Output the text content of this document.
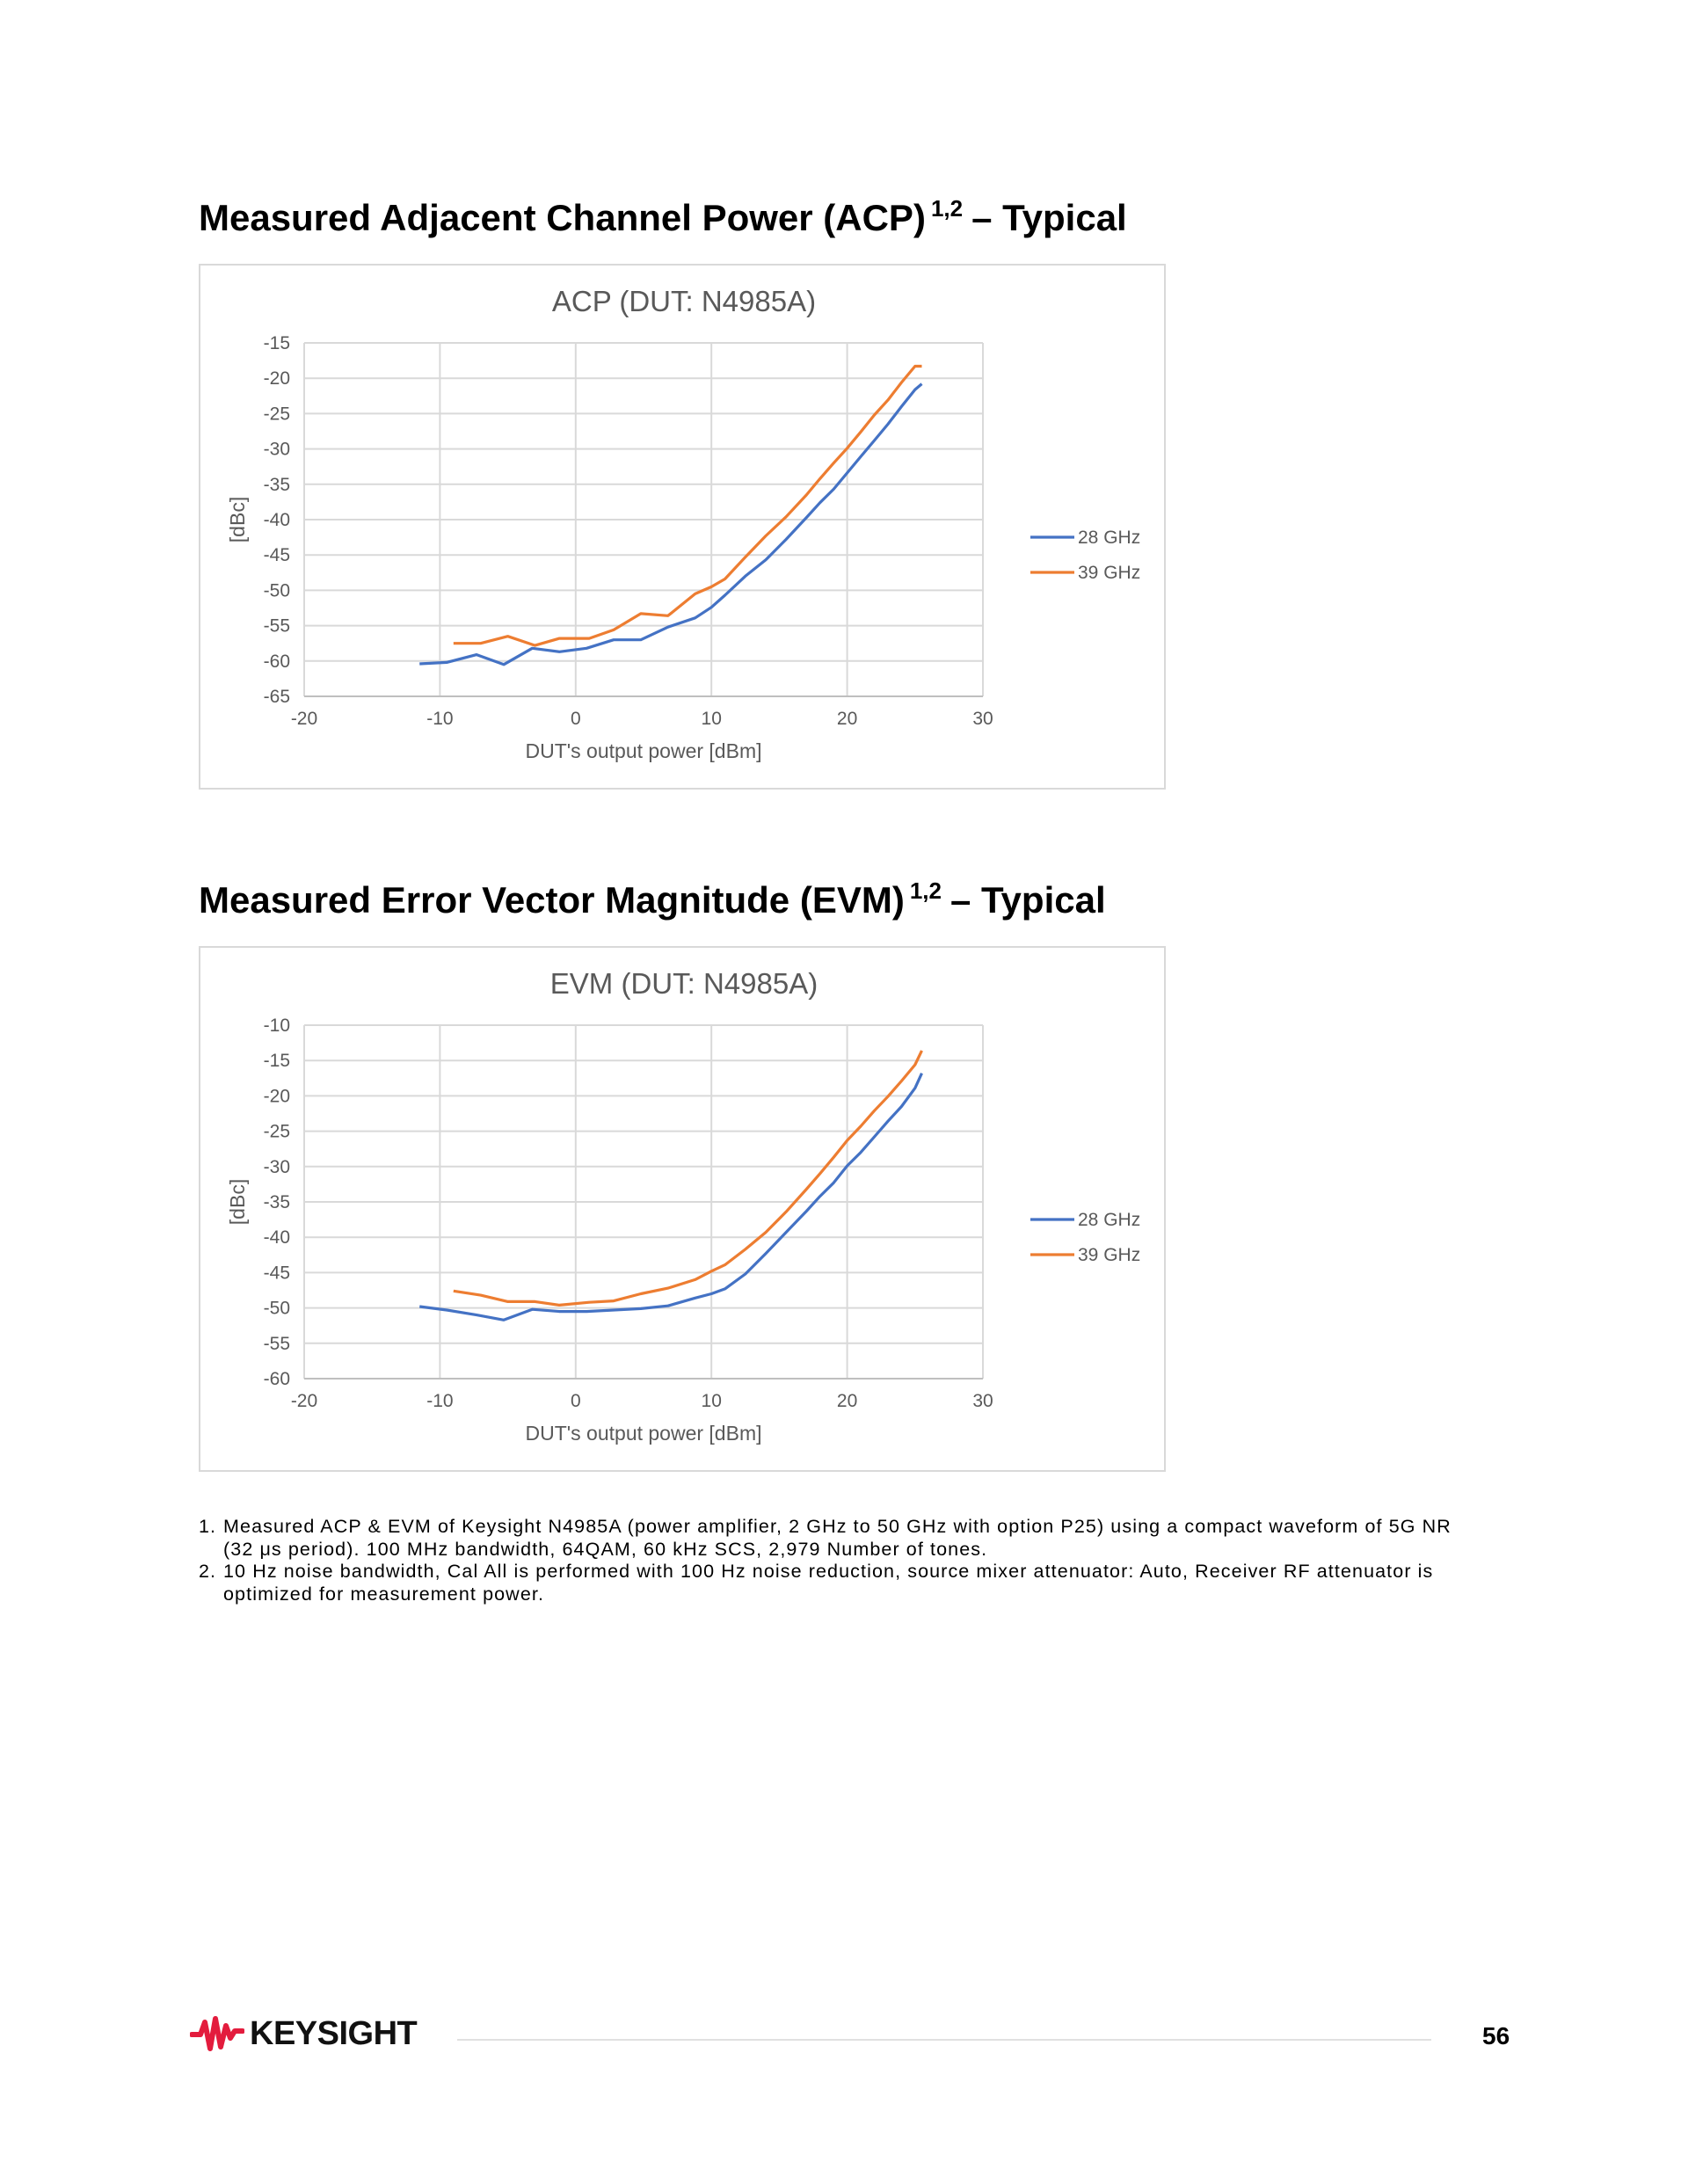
Measured Adjacent Channel Power (ACP) $^{1,2}$ – Typical
ACP (DUT: N4985A)
-20	-10	0	10	20	30
-15
-20
-25
-30
-35
-40
-45
-50
-55
-60
-65
DUT's output power [dBm]
[dBc]	28 GHz
39 GHz
Measured Error Vector Magnitude (EVM) $^{1,2}$ – Typical
EVM (DUT: N4985A)
-20	-10	0	10	20	30
-10
-15
-20
-25
-30
-35
-40
-45
-50
-55
-60
DUT's output power [dBm]
[dBc]	28 GHz
39 GHz
1. Measured ACP & EVM of Keysight N4985A (power amplifier, 2 GHz to 50 GHz with option P25) using a compact waveform of 5G NR (32 μs period). 100 MHz bandwidth, 64QAM, 60 kHz SCS, 2,979 Number of tones.
2. 10 Hz noise bandwidth, Cal All is performed with 100 Hz noise reduction, source mixer attenuator: Auto, Receiver RF attenuator is optimized for measurement power.
KEYSIGHT	56
